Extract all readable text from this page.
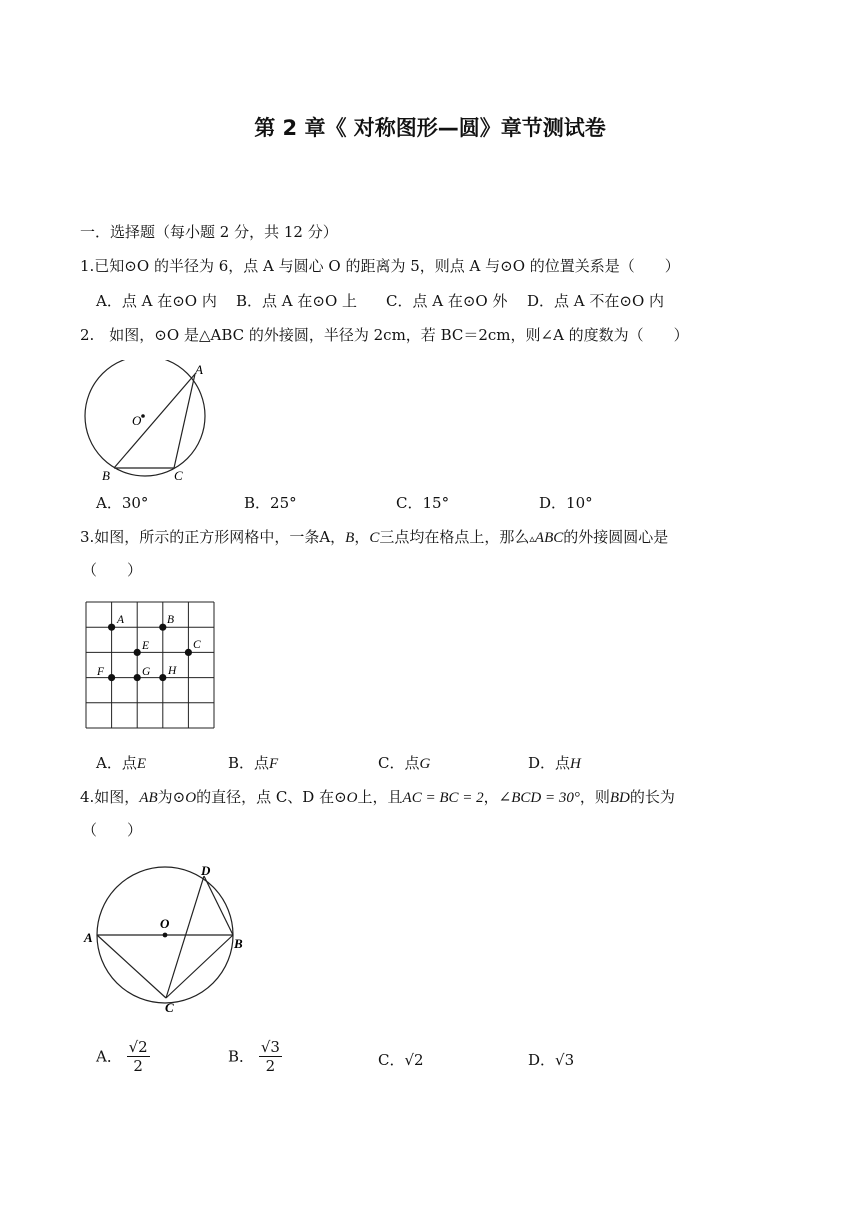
第 2 章《 对称图形—圆》章节测试卷
一．选择题（每小题 2 分，共 12 分）
1.已知⊙O 的半径为 6，点 A 与圆心 O 的距离为 5，则点 A 与⊙O 的位置关系是（　　）
A．点 A 在⊙O 内 B．点 A 在⊙O 上 C．点 A 在⊙O 外 D．点 A 不在⊙O 内
2.　如图，⊙O 是△ABC 的外接圆，半径为 2cm，若 BC＝2cm，则∠A 的度数为（　　）
A
B	C
O
A．30°	B．25°	C．15°	D．10°
3.如图，所示的正方形网格中，一条A，B，C三点均在格点上，那么▵ABC的外接圆圆心是
（　　）
A	B
C
E
F	G H
A．点E	B．点F	C．点G	D．点H
4.如图，AB为⊙O的直径，点 C、D 在⊙O上，且AC = BC = 2，∠BCD = 30°，则BD的长为
（　　）
A	B
C
D
O
A． $\frac{√2}{2}$	B． $\frac{√3}{2}$	C．√2	D．√3
